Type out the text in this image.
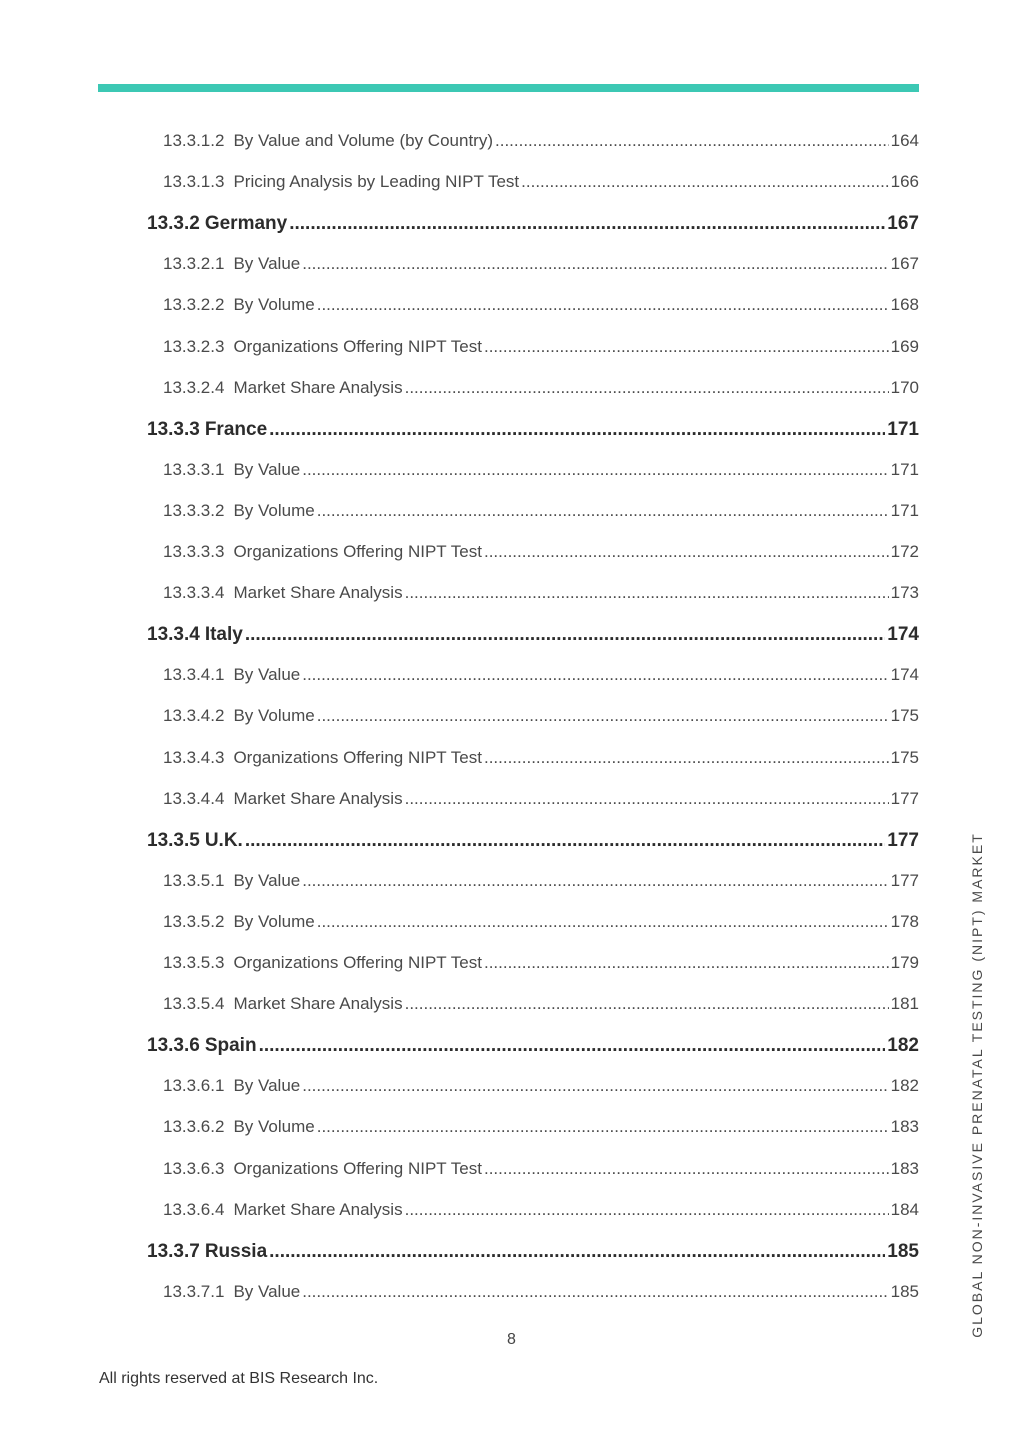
13.3.1.2 By Value and Volume (by Country) .....	164
13.3.1.3 Pricing Analysis by Leading NIPT Test .....	166
13.3.2 Germany .....	167
13.3.2.1 By Value .....	167
13.3.2.2 By Volume .....	168
13.3.2.3 Organizations Offering NIPT Test .....	169
13.3.2.4 Market Share Analysis .....	170
13.3.3 France .....	171
13.3.3.1 By Value .....	171
13.3.3.2 By Volume .....	171
13.3.3.3 Organizations Offering NIPT Test .....	172
13.3.3.4 Market Share Analysis .....	173
13.3.4 Italy .....	174
13.3.4.1 By Value .....	174
13.3.4.2 By Volume .....	175
13.3.4.3 Organizations Offering NIPT Test .....	175
13.3.4.4 Market Share Analysis .....	177
13.3.5 U.K. .....	177
13.3.5.1 By Value .....	177
13.3.5.2 By Volume .....	178
13.3.5.3 Organizations Offering NIPT Test .....	179
13.3.5.4 Market Share Analysis .....	181
13.3.6 Spain .....	182
13.3.6.1 By Value .....	182
13.3.6.2 By Volume .....	183
13.3.6.3 Organizations Offering NIPT Test .....	183
13.3.6.4 Market Share Analysis .....	184
13.3.7 Russia .....	185
13.3.7.1 By Value .....	185
8
All rights reserved at BIS Research Inc.
GLOBAL NON-INVASIVE PRENATAL TESTING (NIPT) MARKET
